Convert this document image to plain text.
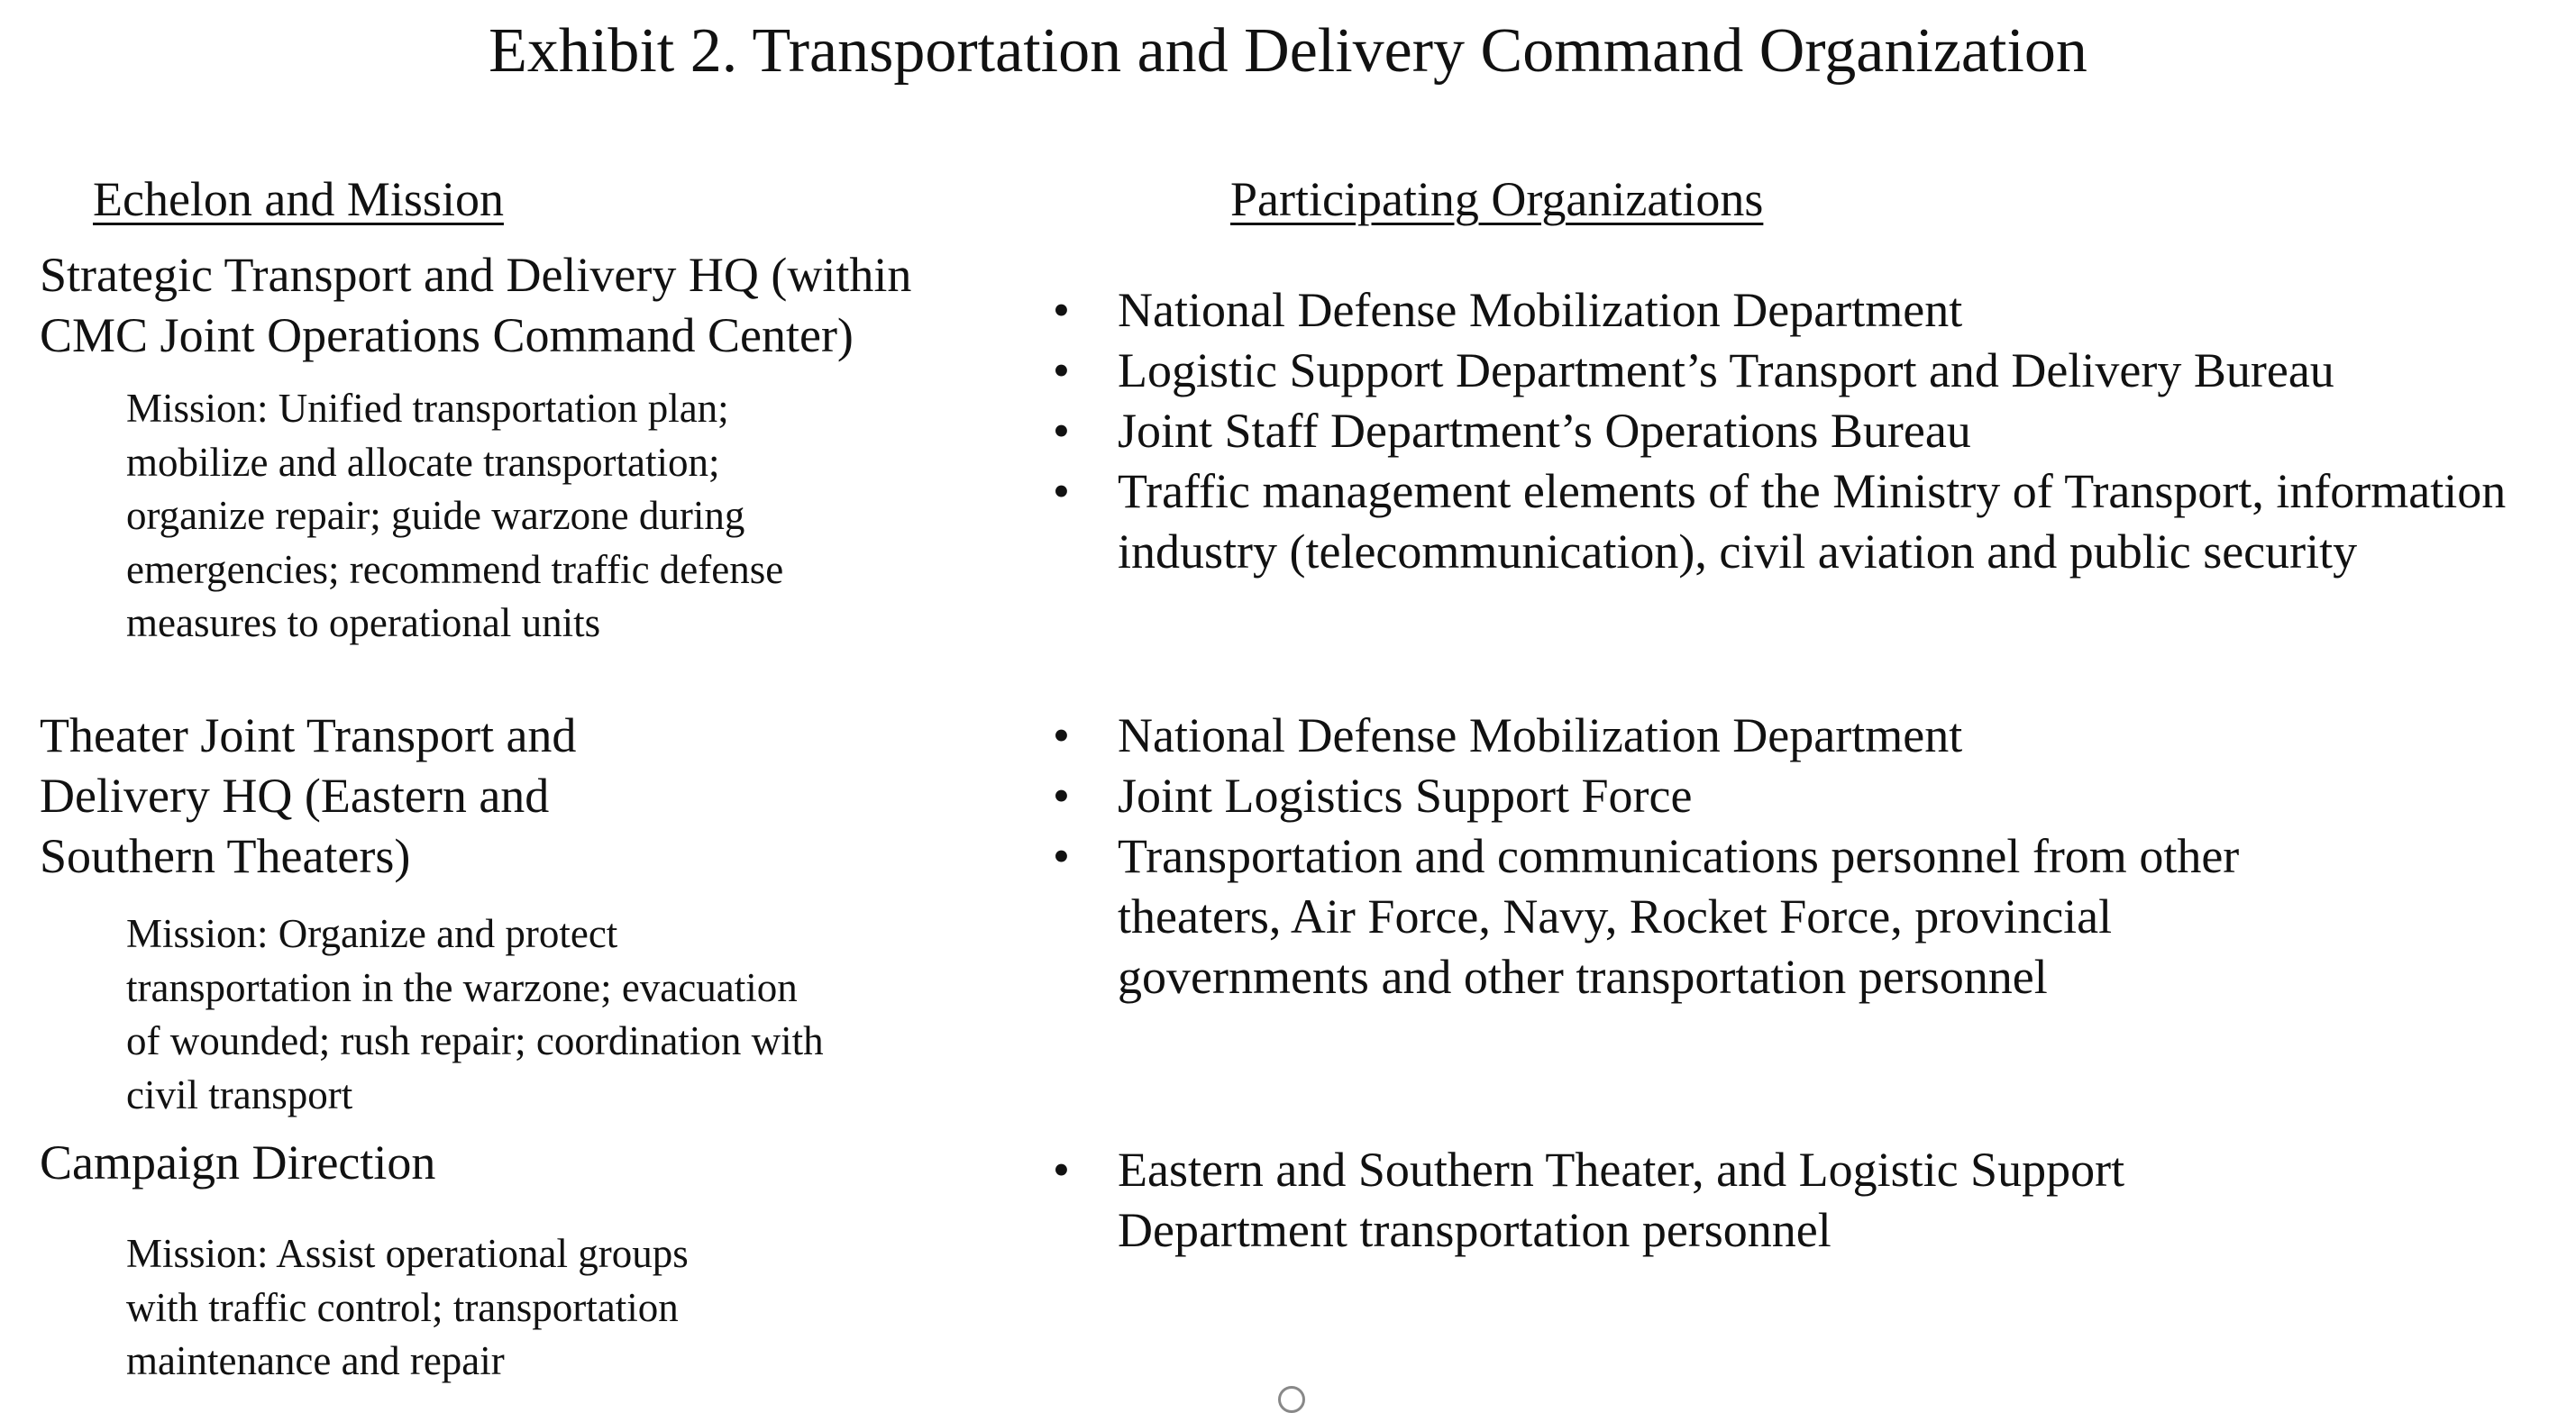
Exhibit 2. Transportation and Delivery Command Organization
Echelon and Mission	Participating Organizations
Strategic Transport and Delivery HQ (within
CMC Joint Operations Command Center)
Mission: Unified transportation plan;
mobilize and allocate transportation;
organize repair; guide warzone during
emergencies; recommend traffic defense
measures to operational units
• National Defense Mobilization Department
• Logistic Support Department’s Transport and Delivery Bureau
• Joint Staff Department’s Operations Bureau
• Traffic management elements of the Ministry of Transport, information
industry (telecommunication), civil aviation and public security
Theater Joint Transport and
Delivery HQ (Eastern and
Southern Theaters)
Mission: Organize and protect
transportation in the warzone; evacuation
of wounded; rush repair; coordination with
civil transport
• National Defense Mobilization Department
• Joint Logistics Support Force
• Transportation and communications personnel from other
theaters, Air Force, Navy, Rocket Force, provincial
governments and other transportation personnel
Campaign Direction
Mission: Assist operational groups
with traffic control; transportation
maintenance and repair
• Eastern and Southern Theater, and Logistic Support
Department transportation personnel
